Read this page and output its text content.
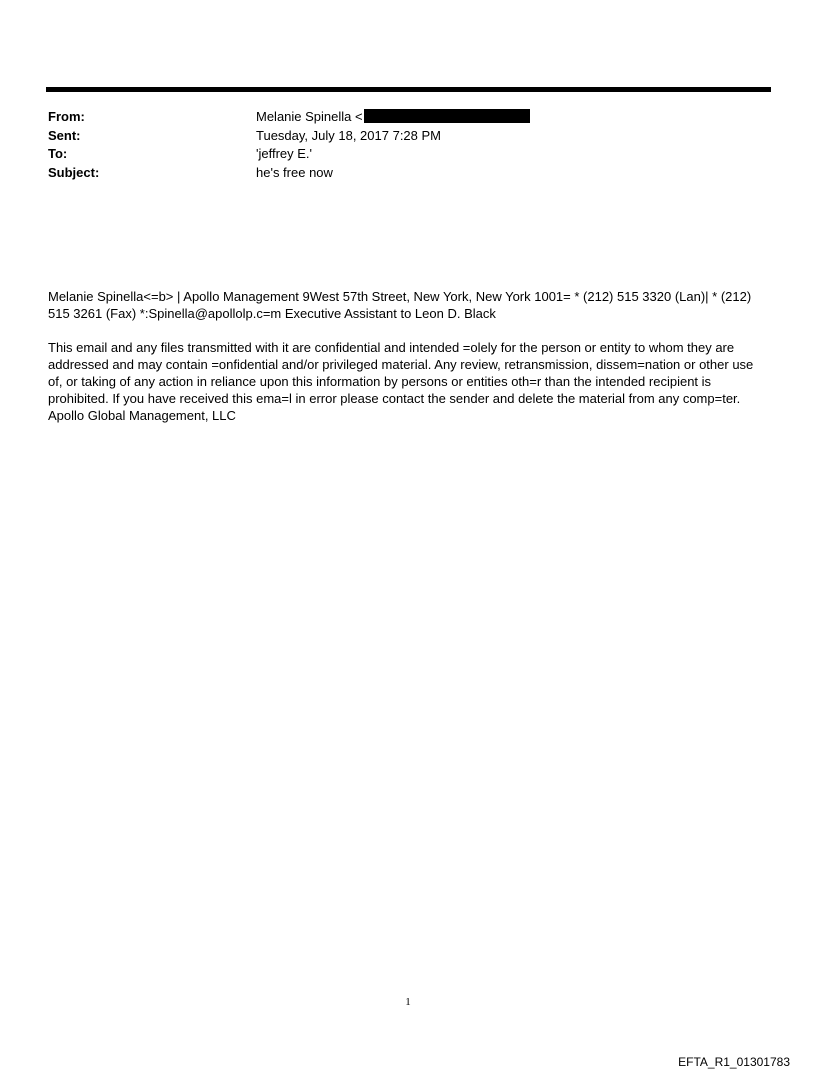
From:	Melanie Spinella <
Sent:	Tuesday, July 18, 2017 7:28 PM
To:	'jeffrey E.'
Subject:	he's free now

Melanie Spinella<=b> | Apollo Management 9West 57th Street, New York, New York 1001= * (212) 515 3320 (Lan)| * (212) 515 3261 (Fax) *:Spinella@apollolp.c=m Executive Assistant to Leon D. Black

This email and any files transmitted with it are confidential and intended =olely for the person or entity to whom they are addressed and may contain =onfidential and/or privileged material. Any review, retransmission, dissem=nation or other use of, or taking of any action in reliance upon this information by persons or entities oth=r than the intended recipient is prohibited. If you have received this ema=l in error please contact the sender and delete the material from any comp=ter. Apollo Global Management, LLC

1
EFTA_R1_01301783
